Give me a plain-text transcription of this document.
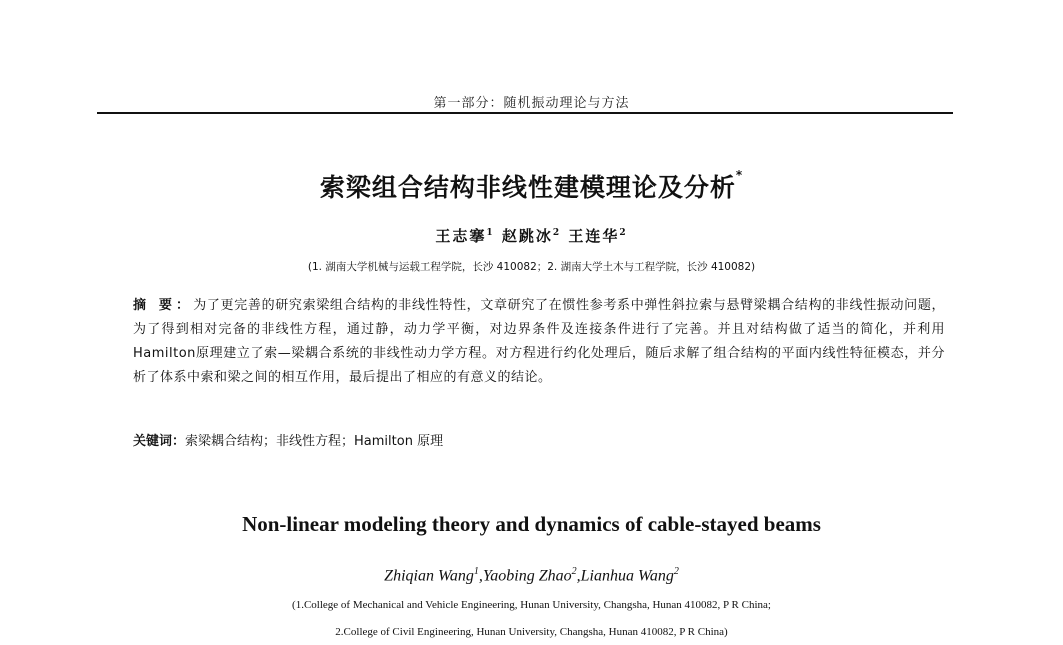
第一部分：随机振动理论与方法
索梁组合结构非线性建模理论及分析*
王志搴$^1$ 赵跳冰$^2$ 王连华$^2$
(1. 湖南大学机械与运载工程学院，长沙 410082；2. 湖南大学土木与工程学院，长沙 410082)
摘 要：为了更完善的研究索梁组合结构的非线性特性，文章研究了在惯性参考系中弹性斜拉索与悬臂梁耦合结构的非线性振动问题，为了得到相对完备的非线性方程，通过静，动力学平衡，对边界条件及连接条件进行了完善。并且对结构做了适当的简化，并利用Hamilton原理建立了索—梁耦合系统的非线性动力学方程。对方程进行约化处理后，随后求解了组合结构的平面内线性特征模态，并分析了体系中索和梁之间的相互作用，最后提出了相应的有意义的结论。
关键词：索梁耦合结构；非线性方程；Hamilton 原理
Non-linear modeling theory and dynamics of cable-stayed beams
Zhiqian Wang$^1$,Yaobing Zhao$^2$,Lianhua Wang$^2$
(1.College of Mechanical and Vehicle Engineering, Hunan University, Changsha, Hunan 410082, P R China;
2.College of Civil Engineering, Hunan University, Changsha, Hunan 410082, P R China)
